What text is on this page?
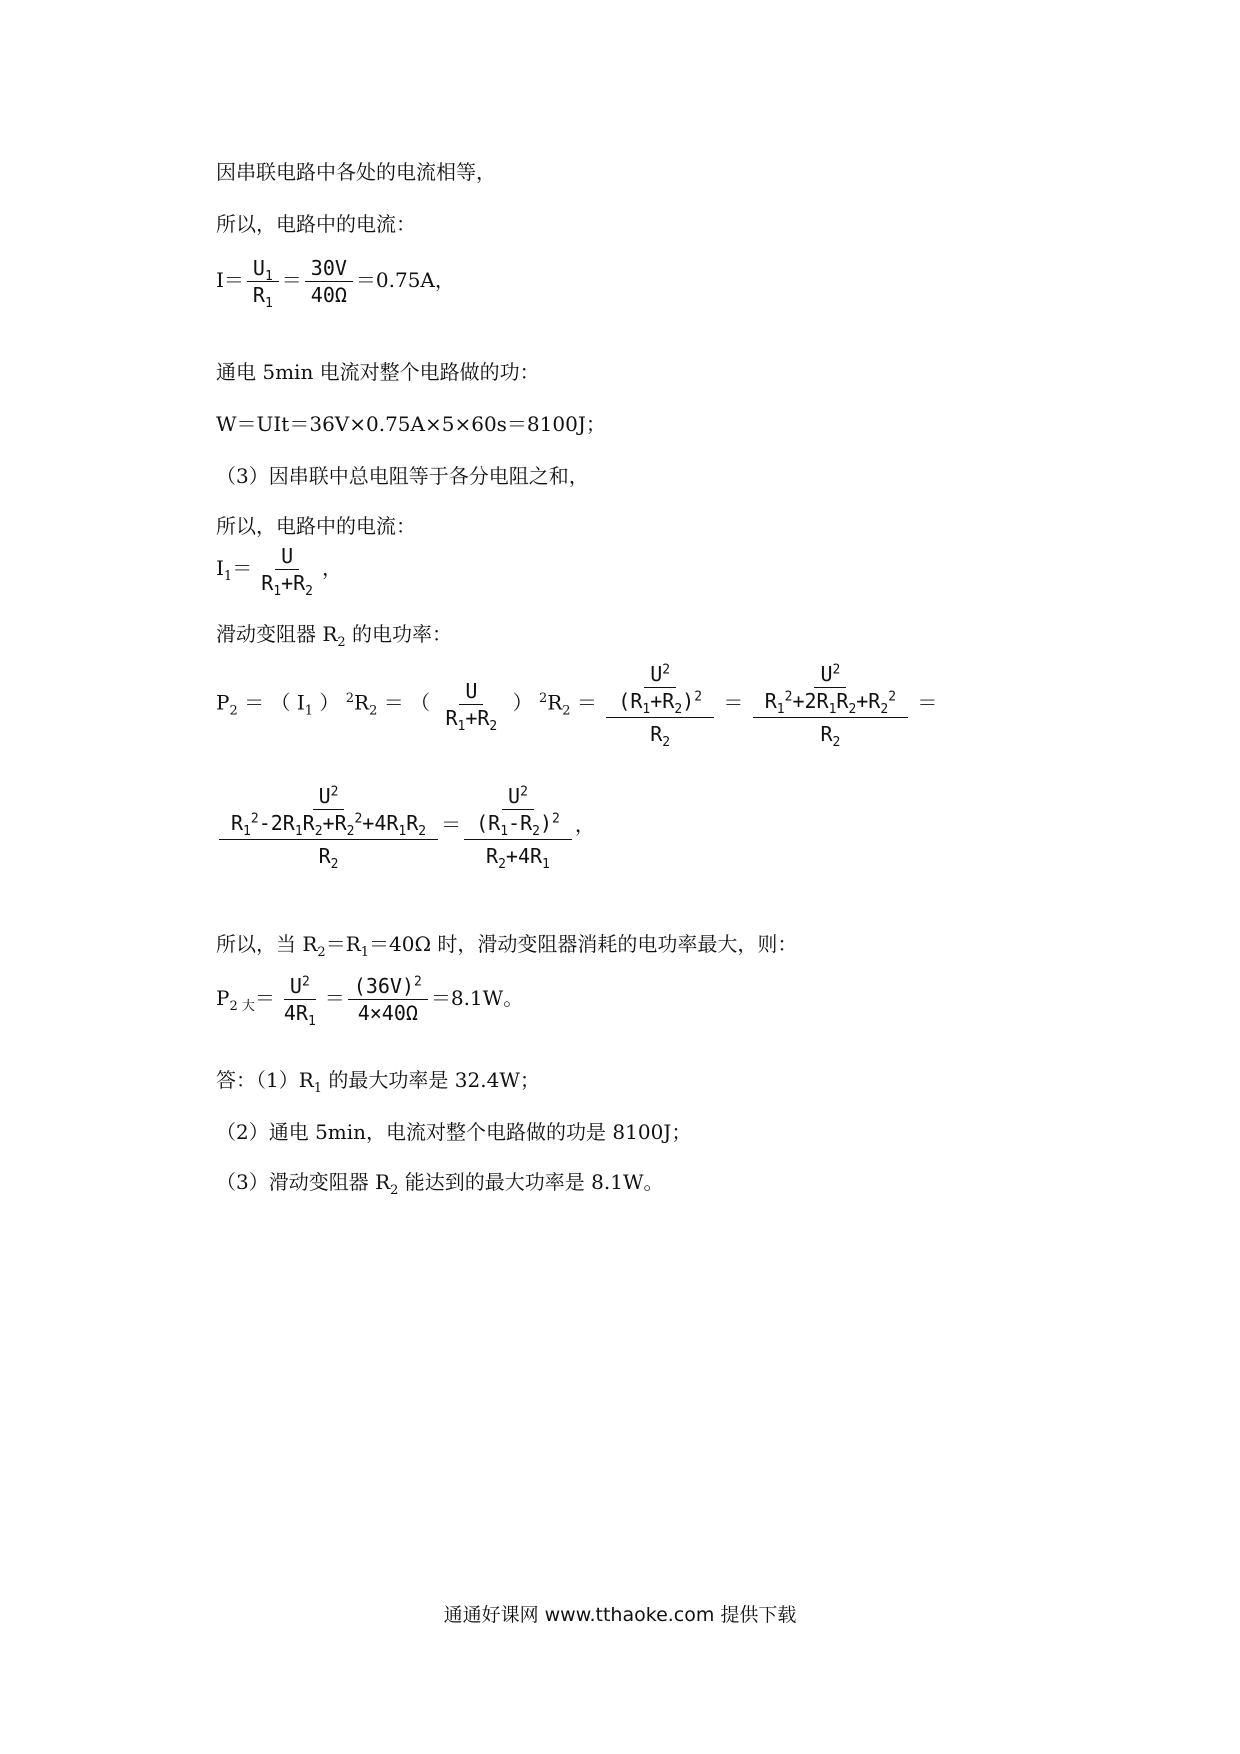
因串联电路中各处的电流相等，
所以，电路中的电流：
$I= \frac{U_1}{R_1} = \frac{30V}{40\Omega} =0.75A$，
通电 5min 电流对整个电路做的功：
W＝UIt＝36V×0.75A×5×60s＝8100J；
（3）因串联中总电阻等于各分电阻之和，
所以，电路中的电流：
$I_1= \frac{U}{R_1+R_2}$ ，
滑动变阻器 $R_2$ 的电功率：
$P_2$ ＝ （ $I_1$ ） $^2R_2$ ＝ （ $\frac{U}{R_1+R_2}$ ） $^2R_2 = \frac{\frac{U^2}{(R_1+R_2)^2}}{R_2} = \frac{\frac{U^2}{R_1^2+2R_1R_2+R_2^2}}{R_2}$ ＝
$\frac{\frac{U^2}{R_1^2-2R_1R_2+R_2^2+4R_1R_2}}{R_2} = \frac{\frac{U^2}{(R_1-R_2)^2}}{R_2+4R_1}$ ，
所以，当 $R_2=R_1=40\Omega$ 时，滑动变阻器消耗的电功率最大，则：
$P_{2 大}= \frac{U^2}{4R_1} = \frac{(36V)^2}{4\times 40\Omega} =8.1W$。
答：$(1)R_1$ 的最大功率是 32.4W；
（2）通电 5min，电流对整个电路做的功是 8100J；
（3）滑动变阻器 $R_2$ 能达到的最大功率是 8.1W。
通通好课网 www.tthaoke.com 提供下载
